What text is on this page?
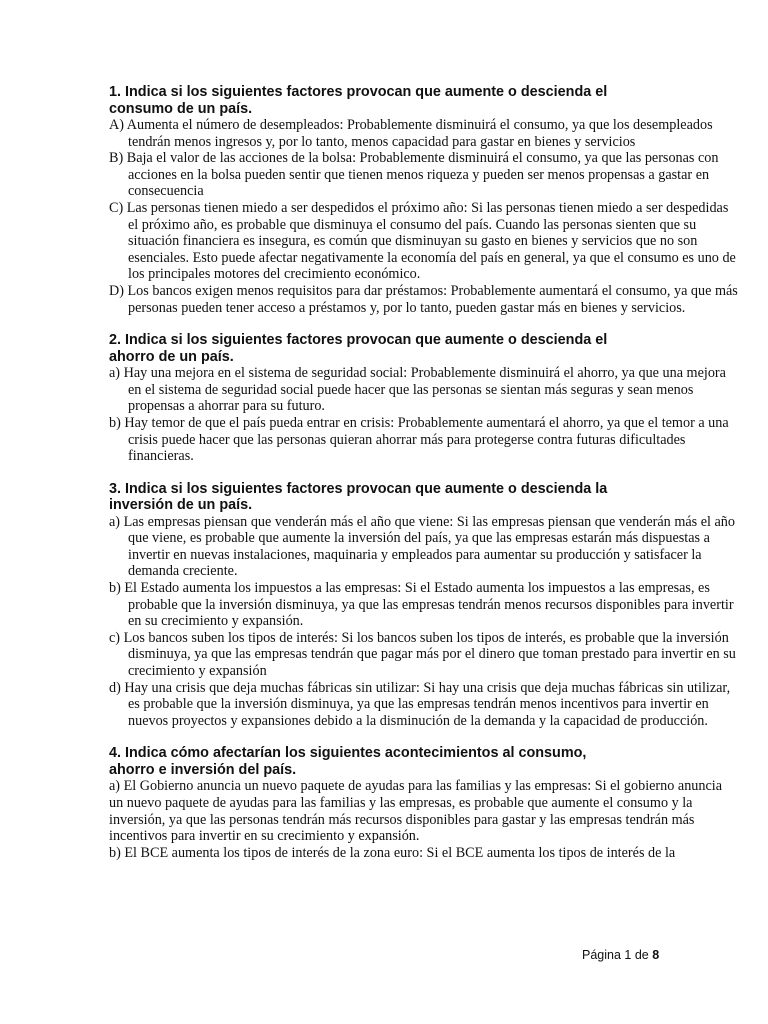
1. Indica si los siguientes factores provocan que aumente o descienda el
consumo de un país.

A) Aumenta el número de desempleados: Probablemente disminuirá el consumo, ya que los desempleados tendrán menos ingresos y, por lo tanto, menos capacidad para gastar en bienes y servicios

B) Baja el valor de las acciones de la bolsa: Probablemente disminuirá el consumo, ya que las personas con acciones en la bolsa pueden sentir que tienen menos riqueza y pueden ser menos propensas a gastar en consecuencia

C) Las personas tienen miedo a ser despedidos el próximo año: Si las personas tienen miedo a ser despedidas el próximo año, es probable que disminuya el consumo del país. Cuando las personas sienten que su situación financiera es insegura, es común que disminuyan su gasto en bienes y servicios que no son esenciales. Esto puede afectar negativamente la economía del país en general, ya que el consumo es uno de los principales motores del crecimiento económico.

D) Los bancos exigen menos requisitos para dar préstamos: Probablemente aumentará el consumo, ya que más personas pueden tener acceso a préstamos y, por lo tanto, pueden gastar más en bienes y servicios.

2. Indica si los siguientes factores provocan que aumente o descienda el
ahorro de un país.

a) Hay una mejora en el sistema de seguridad social: Probablemente disminuirá el ahorro, ya que una mejora en el sistema de seguridad social puede hacer que las personas se sientan más seguras y sean menos propensas a ahorrar para su futuro.

b) Hay temor de que el país pueda entrar en crisis: Probablemente aumentará el ahorro, ya que el temor a una crisis puede hacer que las personas quieran ahorrar más para protegerse contra futuras dificultades financieras.

3. Indica si los siguientes factores provocan que aumente o descienda la
inversión de un país.

a) Las empresas piensan que venderán más el año que viene: Si las empresas piensan que venderán más el año que viene, es probable que aumente la inversión del país, ya que las empresas estarán más dispuestas a invertir en nuevas instalaciones, maquinaria y empleados para aumentar su producción y satisfacer la demanda creciente.

b) El Estado aumenta los impuestos a las empresas: Si el Estado aumenta los impuestos a las empresas, es probable que la inversión disminuya, ya que las empresas tendrán menos recursos disponibles para invertir en su crecimiento y expansión.

c) Los bancos suben los tipos de interés: Si los bancos suben los tipos de interés, es probable que la inversión disminuya, ya que las empresas tendrán que pagar más por el dinero que toman prestado para invertir en su crecimiento y expansión

d) Hay una crisis que deja muchas fábricas sin utilizar: Si hay una crisis que deja muchas fábricas sin utilizar, es probable que la inversión disminuya, ya que las empresas tendrán menos incentivos para invertir en nuevos proyectos y expansiones debido a la disminución de la demanda y la capacidad de producción.

4. Indica cómo afectarían los siguientes acontecimientos al consumo,
ahorro e inversión del país.

a) El Gobierno anuncia un nuevo paquete de ayudas para las familias y las empresas: Si el gobierno anuncia un nuevo paquete de ayudas para las familias y las empresas, es probable que aumente el consumo y la inversión, ya que las personas tendrán más recursos disponibles para gastar y las empresas tendrán más incentivos para invertir en su crecimiento y expansión.

b) El BCE aumenta los tipos de interés de la zona euro: Si el BCE aumenta los tipos de interés de la

Página 1 de 8
